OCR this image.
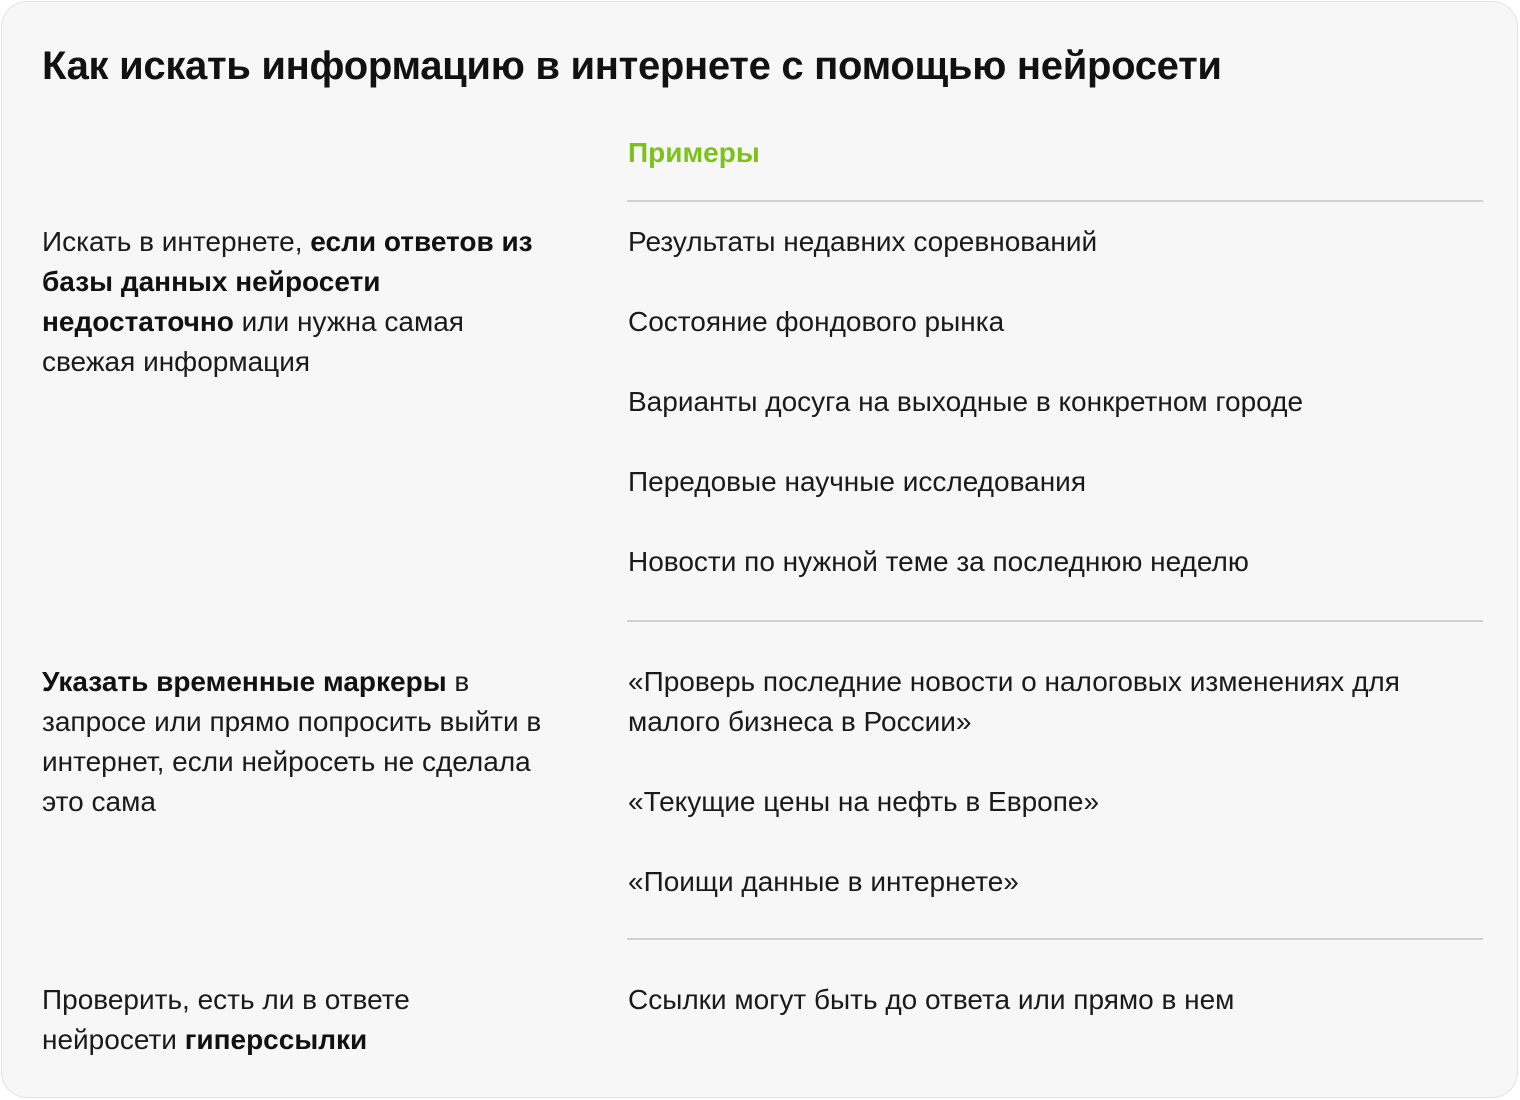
Как искать информацию в интернете с помощью нейросети
Примеры
Искать в интернете, если ответов из базы данных нейросети недостаточно или нужна самая свежая информация
Результаты недавних соревнований
Состояние фондового рынка
Варианты досуга на выходные в конкретном городе
Передовые научные исследования
Новости по нужной теме за последнюю неделю
Указать временные маркеры в запросе или прямо попросить выйти в интернет, если нейросеть не сделала это сама
«Проверь последние новости о налоговых изменениях для малого бизнеса в России»
«Текущие цены на нефть в Европе»
«Поищи данные в интернете»
Проверить, есть ли в ответе нейросети гиперссылки
Ссылки могут быть до ответа или прямо в нем
